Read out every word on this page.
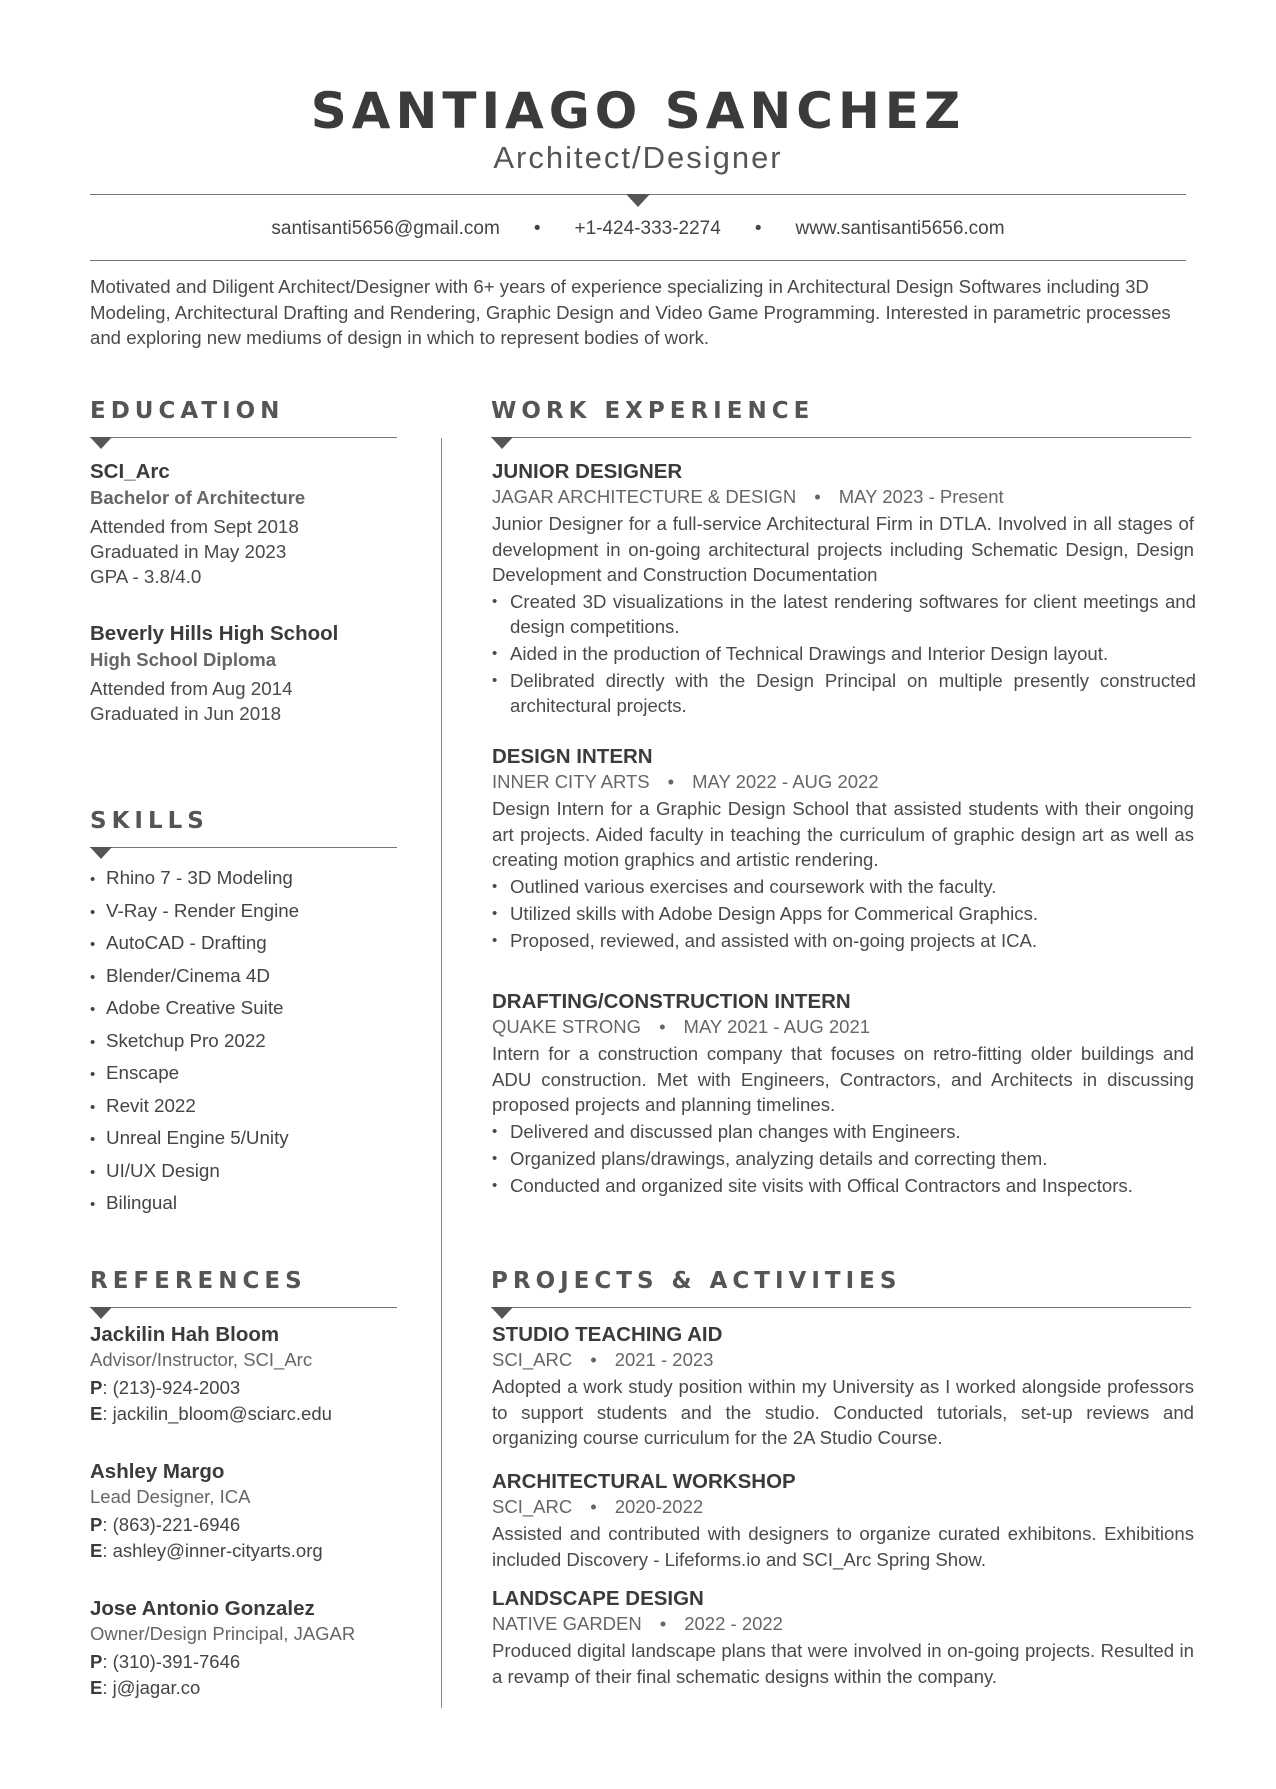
SANTIAGO SANCHEZ
Architect/Designer
santisanti5656@gmail.com • +1-424-333-2274 • www.santisanti5656.com
Motivated and Diligent Architect/Designer with 6+ years of experience specializing in Architectural Design Softwares including 3D Modeling, Architectural Drafting and Rendering, Graphic Design and Video Game Programming. Interested in parametric processes and exploring new mediums of design in which to represent bodies of work.
EDUCATION
SCI_Arc
Bachelor of Architecture
Attended from Sept 2018
Graduated in May 2023
GPA - 3.8/4.0
Beverly Hills High School
High School Diploma
Attended from Aug 2014
Graduated in Jun 2018
SKILLS
• Rhino 7 - 3D Modeling
• V-Ray - Render Engine
• AutoCAD - Drafting
• Blender/Cinema 4D
• Adobe Creative Suite
• Sketchup Pro 2022
• Enscape
• Revit 2022
• Unreal Engine 5/Unity
• UI/UX Design
• Bilingual
REFERENCES
Jackilin Hah Bloom
Advisor/Instructor, SCI_Arc
P: (213)-924-2003
E: jackilin_bloom@sciarc.edu
Ashley Margo
Lead Designer, ICA
P: (863)-221-6946
E: ashley@inner-cityarts.org
Jose Antonio Gonzalez
Owner/Design Principal, JAGAR
P: (310)-391-7646
E: j@jagar.co
WORK EXPERIENCE
JUNIOR DESIGNER
JAGAR ARCHITECTURE & DESIGN • MAY 2023 - Present
Junior Designer for a full-service Architectural Firm in DTLA. Involved in all stages of development in on-going architectural projects including Schematic Design, Design Development and Construction Documentation
• Created 3D visualizations in the latest rendering softwares for client meetings and design competitions.
• Aided in the production of Technical Drawings and Interior Design layout.
• Delibrated directly with the Design Principal on multiple presently constructed architectural projects.
DESIGN INTERN
INNER CITY ARTS • MAY 2022 - AUG 2022
Design Intern for a Graphic Design School that assisted students with their ongoing art projects. Aided faculty in teaching the curriculum of graphic design art as well as creating motion graphics and artistic rendering.
• Outlined various exercises and coursework with the faculty.
• Utilized skills with Adobe Design Apps for Commerical Graphics.
• Proposed, reviewed, and assisted with on-going projects at ICA.
DRAFTING/CONSTRUCTION INTERN
QUAKE STRONG • MAY 2021 - AUG 2021
Intern for a construction company that focuses on retro-fitting older buildings and ADU construction. Met with Engineers, Contractors, and Architects in discussing proposed projects and planning timelines.
• Delivered and discussed plan changes with Engineers.
• Organized plans/drawings, analyzing details and correcting them.
• Conducted and organized site visits with Offical Contractors and Inspectors.
PROJECTS & ACTIVITIES
STUDIO TEACHING AID
SCI_ARC • 2021 - 2023
Adopted a work study position within my University as I worked alongside professors to support students and the studio. Conducted tutorials, set-up reviews and organizing course curriculum for the 2A Studio Course.
ARCHITECTURAL WORKSHOP
SCI_ARC • 2020-2022
Assisted and contributed with designers to organize curated exhibitons. Exhibitions included Discovery - Lifeforms.io and SCI_Arc Spring Show.
LANDSCAPE DESIGN
NATIVE GARDEN • 2022 - 2022
Produced digital landscape plans that were involved in on-going projects. Resulted in a revamp of their final schematic designs within the company.
